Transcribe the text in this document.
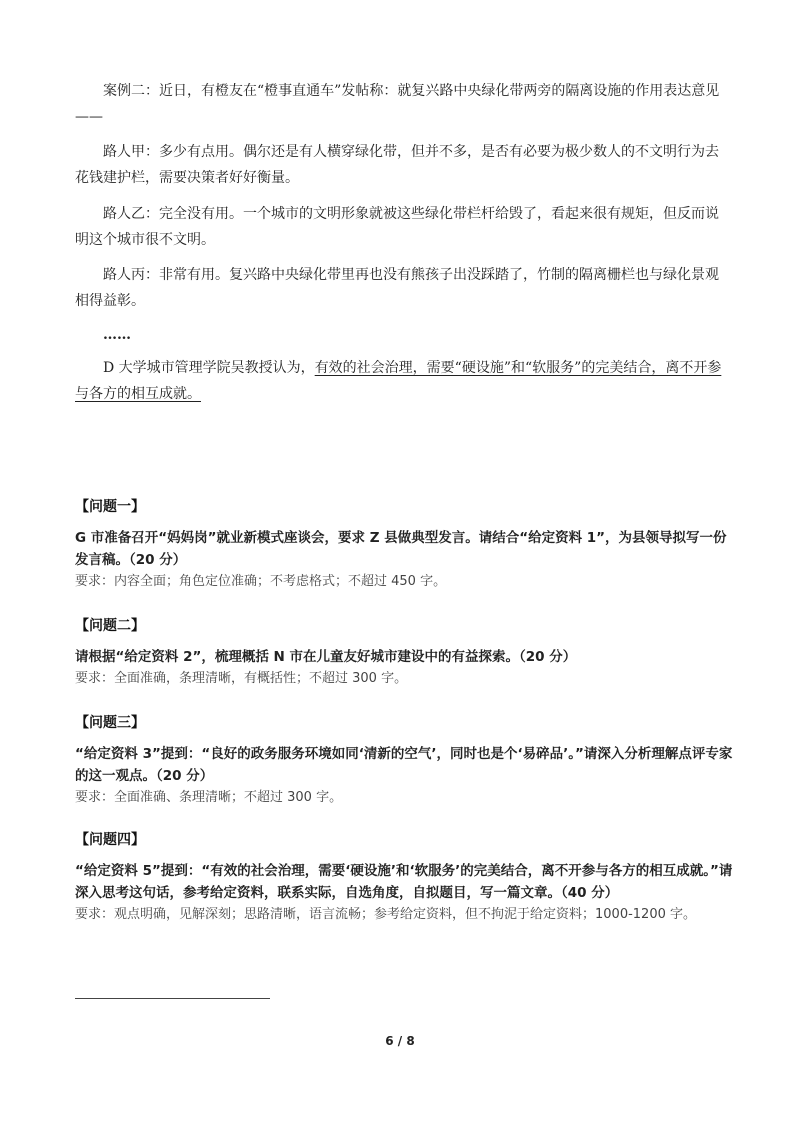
案例二：近日，有橙友在“橙事直通车”发帖称：就复兴路中央绿化带两旁的隔离设施的作用表达意见——

路人甲：多少有点用。偶尔还是有人横穿绿化带，但并不多，是否有必要为极少数人的不文明行为去花钱建护栏，需要决策者好好衡量。

路人乙：完全没有用。一个城市的文明形象就被这些绿化带栏杆给毁了，看起来很有规矩，但反而说明这个城市很不文明。

路人丙：非常有用。复兴路中央绿化带里再也没有熊孩子出没踩踏了，竹制的隔离栅栏也与绿化景观相得益彰。

……

D 大学城市管理学院吴教授认为，有效的社会治理，需要“硬设施”和“软服务”的完美结合，离不开参与各方的相互成就。

【问题一】
G 市准备召开“妈妈岗”就业新模式座谈会，要求 Z 县做典型发言。请结合“给定资料 1”，为县领导拟写一份发言稿。（20 分）
要求：内容全面；角色定位准确；不考虑格式；不超过 450 字。
【问题二】
请根据“给定资料 2”，梳理概括 N 市在儿童友好城市建设中的有益探索。（20 分）
要求：全面准确，条理清晰，有概括性；不超过 300 字。
【问题三】
“给定资料 3”提到：“良好的政务服务环境如同‘清新的空气’，同时也是个‘易碎品’。”请深入分析理解点评专家的这一观点。（20 分）
要求：全面准确、条理清晰；不超过 300 字。
【问题四】
“给定资料 5”提到：“有效的社会治理，需要‘硬设施’和‘软服务’的完美结合，离不开参与各方的相互成就。”请深入思考这句话，参考给定资料，联系实际，自选角度，自拟题目，写一篇文章。（40 分）
要求：观点明确，见解深刻；思路清晰，语言流畅；参考给定资料，但不拘泥于给定资料；1000-1200 字。
6 / 8
